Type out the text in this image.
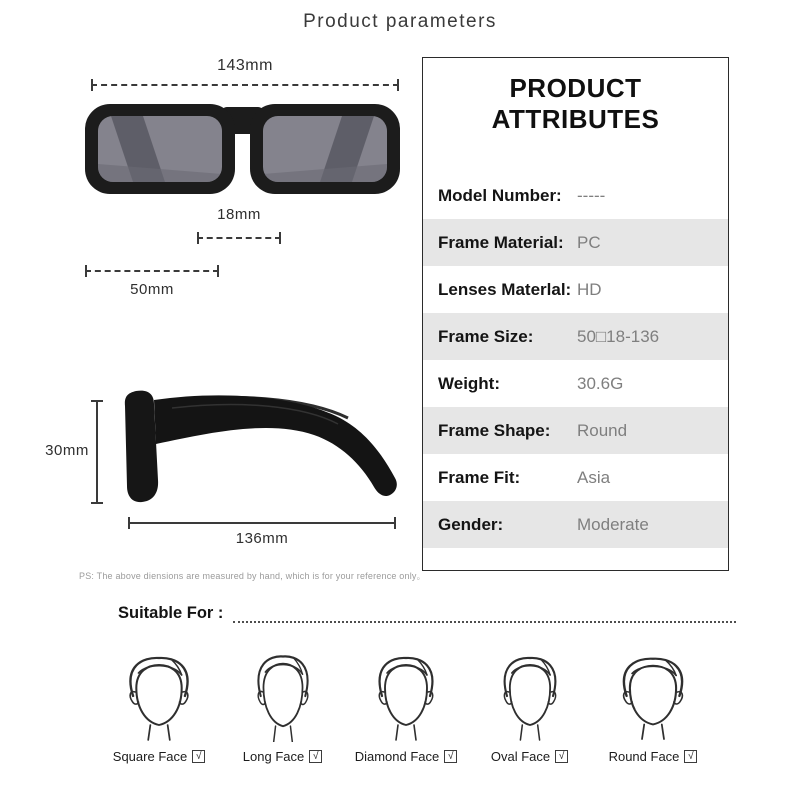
Product parameters
143mm
18mm
50mm
30mm
136mm
PS: The above diensions are measured by hand, which is for your reference only。
PRODUCT ATTRIBUTES
Model Number: -----
Frame Material: PC
Lenses Materlal: HD
Frame Size:	50□18-136
Weight:	30.6G
Frame Shape:	Round
Frame Fit:	Asia
Gender:	Moderate
Suitable For :
Square Face √	Long Face √	Diamond Face √	Oval Face √	Round Face √
